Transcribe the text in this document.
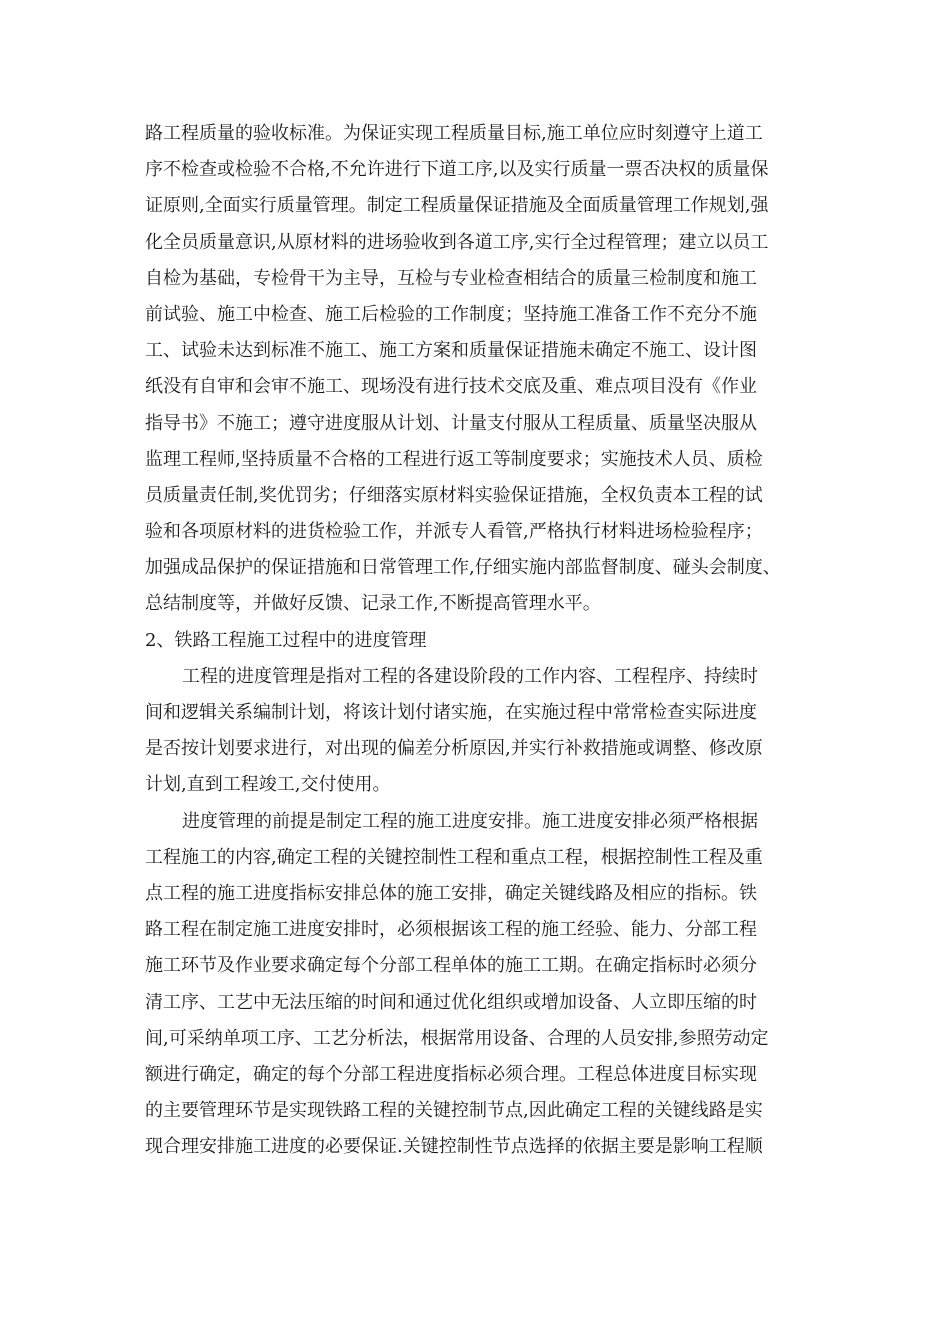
路工程质量的验收标准。为保证实现工程质量目标,施工单位应时刻遵守上道工
序不检查或检验不合格,不允许进行下道工序,以及实行质量一票否决权的质量保
证原则,全面实行质量管理。制定工程质量保证措施及全面质量管理工作规划,强
化全员质量意识,从原材料的进场验收到各道工序,实行全过程管理；建立以员工
自检为基础，专检骨干为主导，互检与专业检查相结合的质量三检制度和施工
前试验、施工中检查、施工后检验的工作制度；坚持施工准备工作不充分不施
工、试验未达到标准不施工、施工方案和质量保证措施未确定不施工、设计图
纸没有自审和会审不施工、现场没有进行技术交底及重、难点项目没有《作业
指导书》不施工；遵守进度服从计划、计量支付服从工程质量、质量坚决服从
监理工程师,坚持质量不合格的工程进行返工等制度要求；实施技术人员、质检
员质量责任制,奖优罚劣；仔细落实原材料实验保证措施，全权负责本工程的试
验和各项原材料的进货检验工作，并派专人看管,严格执行材料进场检验程序；
加强成品保护的保证措施和日常管理工作,仔细实施内部监督制度、碰头会制度、
总结制度等，并做好反馈、记录工作,不断提高管理水平。
2、铁路工程施工过程中的进度管理
工程的进度管理是指对工程的各建设阶段的工作内容、工程程序、持续时
间和逻辑关系编制计划，将该计划付诸实施，在实施过程中常常检查实际进度
是否按计划要求进行，对出现的偏差分析原因,并实行补救措施或调整、修改原
计划,直到工程竣工,交付使用。
进度管理的前提是制定工程的施工进度安排。施工进度安排必须严格根据
工程施工的内容,确定工程的关键控制性工程和重点工程，根据控制性工程及重
点工程的施工进度指标安排总体的施工安排，确定关键线路及相应的指标。铁
路工程在制定施工进度安排时，必须根据该工程的施工经验、能力、分部工程
施工环节及作业要求确定每个分部工程单体的施工工期。在确定指标时必须分
清工序、工艺中无法压缩的时间和通过优化组织或增加设备、人立即压缩的时
间,可采纳单项工序、工艺分析法，根据常用设备、合理的人员安排,参照劳动定
额进行确定，确定的每个分部工程进度指标必须合理。工程总体进度目标实现
的主要管理环节是实现铁路工程的关键控制节点,因此确定工程的关键线路是实
现合理安排施工进度的必要保证.关键控制性节点选择的依据主要是影响工程顺
